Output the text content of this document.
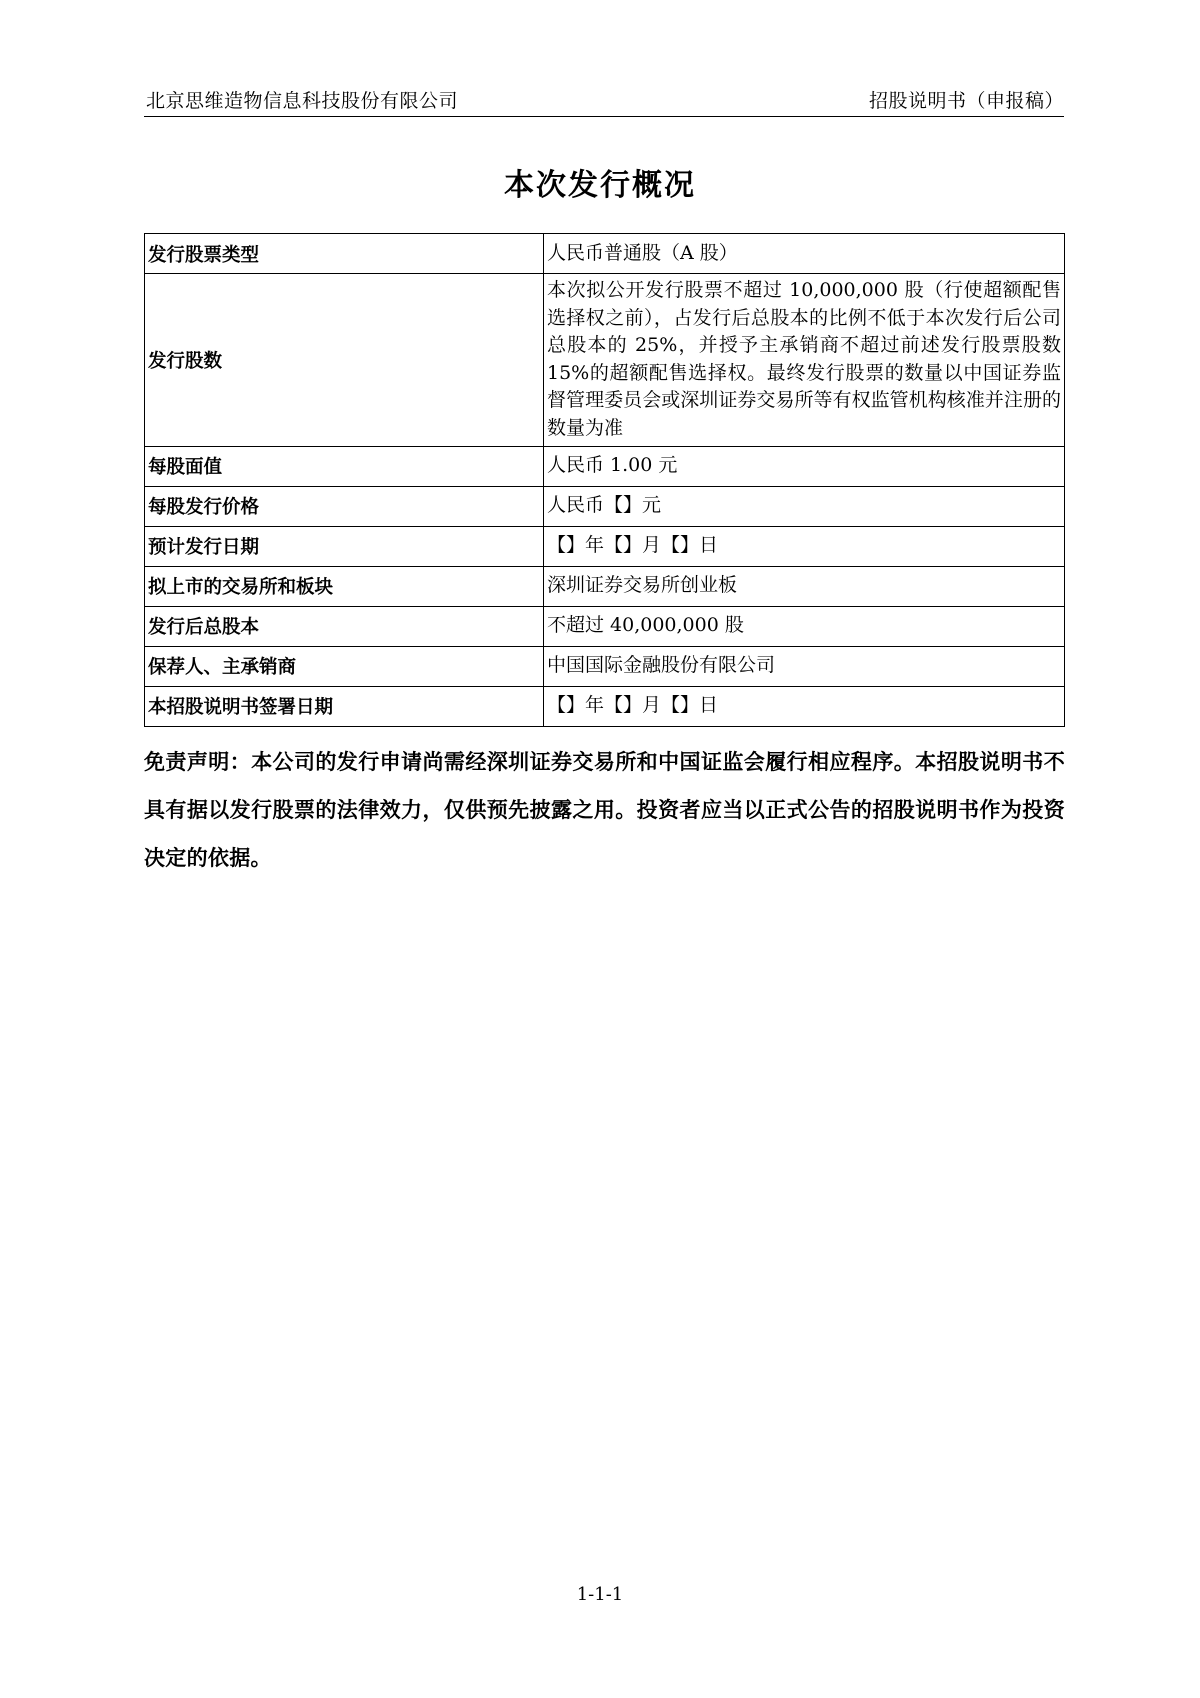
北京思维造物信息科技股份有限公司	招股说明书（申报稿）
本次发行概况
发行股票类型	人民币普通股（A 股）
发行股数	本次拟公开发行股票不超过 10,000,000 股（行使超额配售选择权之前），占发行后总股本的比例不低于本次发行后公司总股本的 25%，并授予主承销商不超过前述发行股票股数 15%的超额配售选择权。最终发行股票的数量以中国证券监督管理委员会或深圳证券交易所等有权监管机构核准并注册的数量为准
每股面值	人民币 1.00 元
每股发行价格	人民币【】元
预计发行日期	【】年【】月【】日
拟上市的交易所和板块	深圳证券交易所创业板
发行后总股本	不超过 40,000,000 股
保荐人、主承销商	中国国际金融股份有限公司
本招股说明书签署日期	【】年【】月【】日
免责声明：本公司的发行申请尚需经深圳证券交易所和中国证监会履行相应程序。本招股说明书不具有据以发行股票的法律效力，仅供预先披露之用。投资者应当以正式公告的招股说明书作为投资决定的依据。
1-1-1
